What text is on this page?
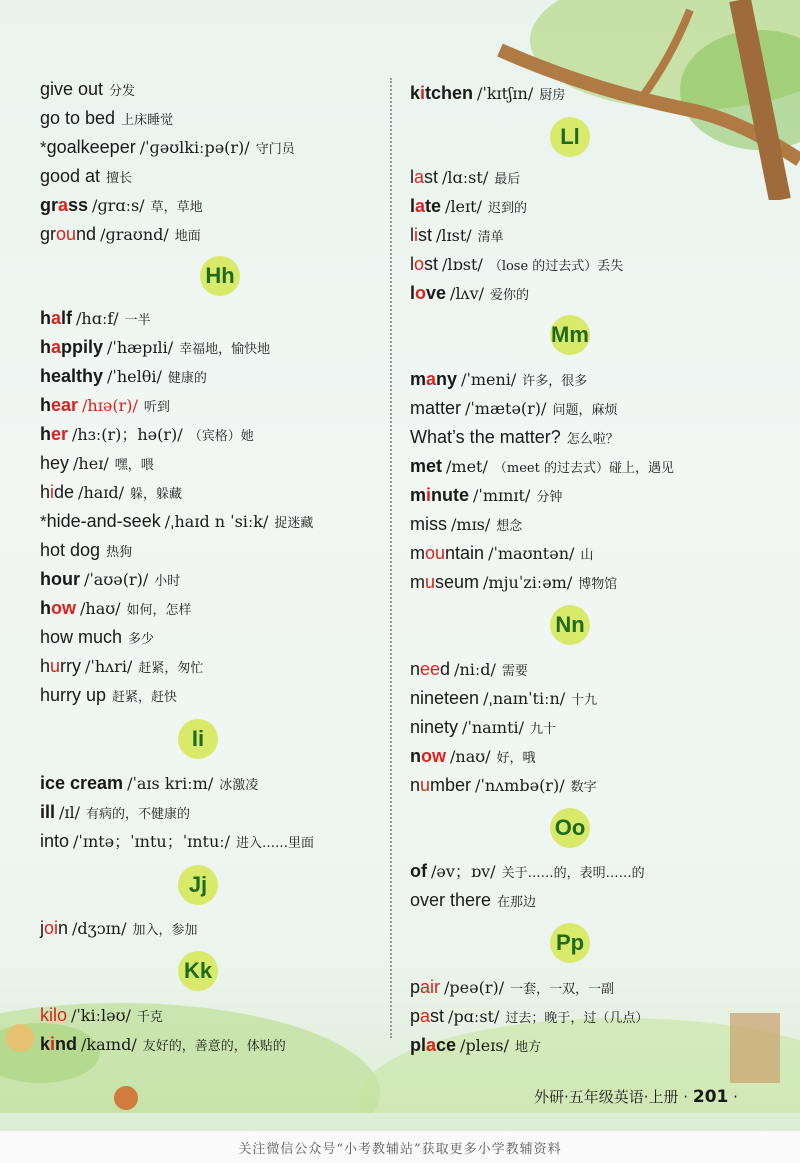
give out 分发
go to bed 上床睡觉
*goalkeeper /ˈɡəʊlkiːpə(r)/ 守门员
good at 擅长
grass /ɡrɑːs/ 草，草地
ground /ɡraʊnd/ 地面
Hh
half /hɑːf/ 一半
happily /ˈhæpɪli/ 幸福地，愉快地
healthy /ˈhelθi/ 健康的
hear /hɪə(r)/ 听到
her /hɜː(r)；hə(r)/ （宾格）她
hey /heɪ/ 嘿，喂
hide /haɪd/ 躲，躲藏
*hide-and-seek /ˌhaɪd n ˈsiːk/ 捉迷藏
hot dog 热狗
hour /ˈaʊə(r)/ 小时
how /haʊ/ 如何，怎样
how much 多少
hurry /ˈhʌri/ 赶紧，匆忙
hurry up 赶紧，赶快
Ii
ice cream /ˈaɪs kriːm/ 冰激凌
ill /ɪl/ 有病的，不健康的
into /ˈɪntə；ˈɪntu；ˈɪntuː/ 进入……里面
Jj
join /dʒɔɪn/ 加入，参加
Kk
kilo /ˈkiːləʊ/ 千克
kind /kaɪnd/ 友好的，善意的，体贴的
kitchen /ˈkɪtʃɪn/ 厨房
Ll
last /lɑːst/ 最后
late /leɪt/ 迟到的
list /lɪst/ 清单
lost /lɒst/ （lose 的过去式）丢失
love /lʌv/ 爱你的
Mm
many /ˈmeni/ 许多，很多
matter /ˈmætə(r)/ 问题，麻烦
What’s the matter? 怎么啦？
met /met/ （meet 的过去式）碰上，遇见
minute /ˈmɪnɪt/ 分钟
miss /mɪs/ 想念
mountain /ˈmaʊntən/ 山
museum /mjuˈziːəm/ 博物馆
Nn
need /niːd/ 需要
nineteen /ˌnaɪnˈtiːn/ 十九
ninety /ˈnaɪnti/ 九十
now /naʊ/ 好，哦
number /ˈnʌmbə(r)/ 数字
Oo
of /əv；ɒv/ 关于……的，表明……的
over there 在那边
Pp
pair /peə(r)/ 一套，一双，一副
past /pɑːst/ 过去；晚于，过（几点）
place /pleɪs/ 地方
外研·五年级英语·上册 · 201 ·
关注微信公众号“小考教辅站”获取更多小学教辅资料
